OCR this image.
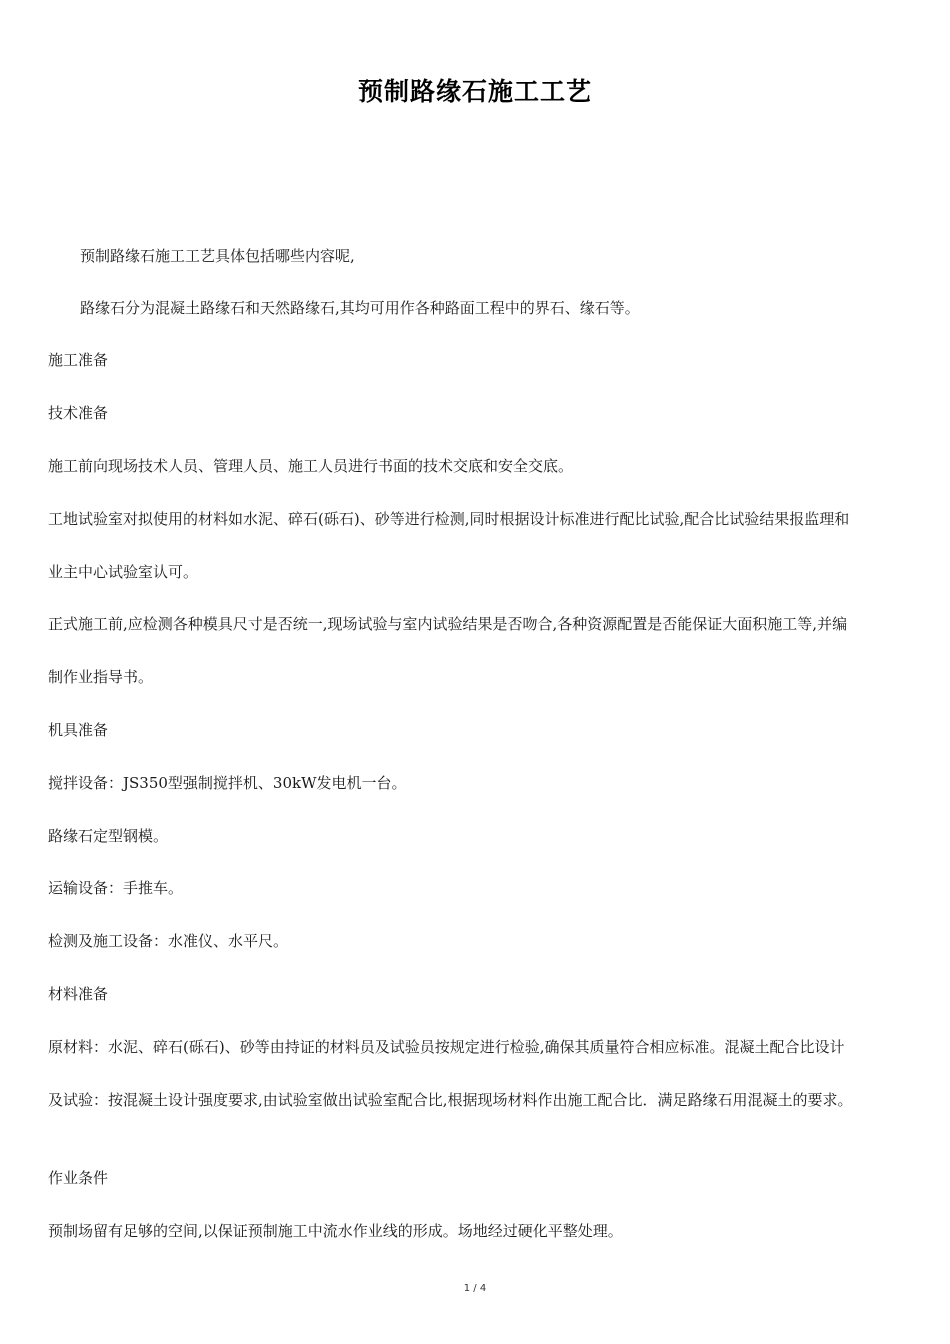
预制路缘石施工工艺
预制路缘石施工工艺具体包括哪些内容呢,
路缘石分为混凝土路缘石和天然路缘石,其均可用作各种路面工程中的界石、缘石等。
施工准备
技术准备
施工前向现场技术人员、管理人员、施工人员进行书面的技术交底和安全交底。
工地试验室对拟使用的材料如水泥、碎石(砾石)、砂等进行检测,同时根据设计标准进行配比试验,配合比试验结果报监理和
业主中心试验室认可。
正式施工前,应检测各种模具尺寸是否统一,现场试验与室内试验结果是否吻合,各种资源配置是否能保证大面积施工等,并编
制作业指导书。
机具准备
搅拌设备：JS350型强制搅拌机、30kW发电机一台。
路缘石定型钢模。
运输设备：手推车。
检测及施工设备：水准仪、水平尺。
材料准备
原材料：水泥、碎石(砾石)、砂等由持证的材料员及试验员按规定进行检验,确保其质量符合相应标准。混凝土配合比设计
及试验：按混凝土设计强度要求,由试验室做出试验室配合比,根据现场材料作出施工配合比．满足路缘石用混凝土的要求。
作业条件
预制场留有足够的空间,以保证预制施工中流水作业线的形成。场地经过硬化平整处理。
1 / 4
